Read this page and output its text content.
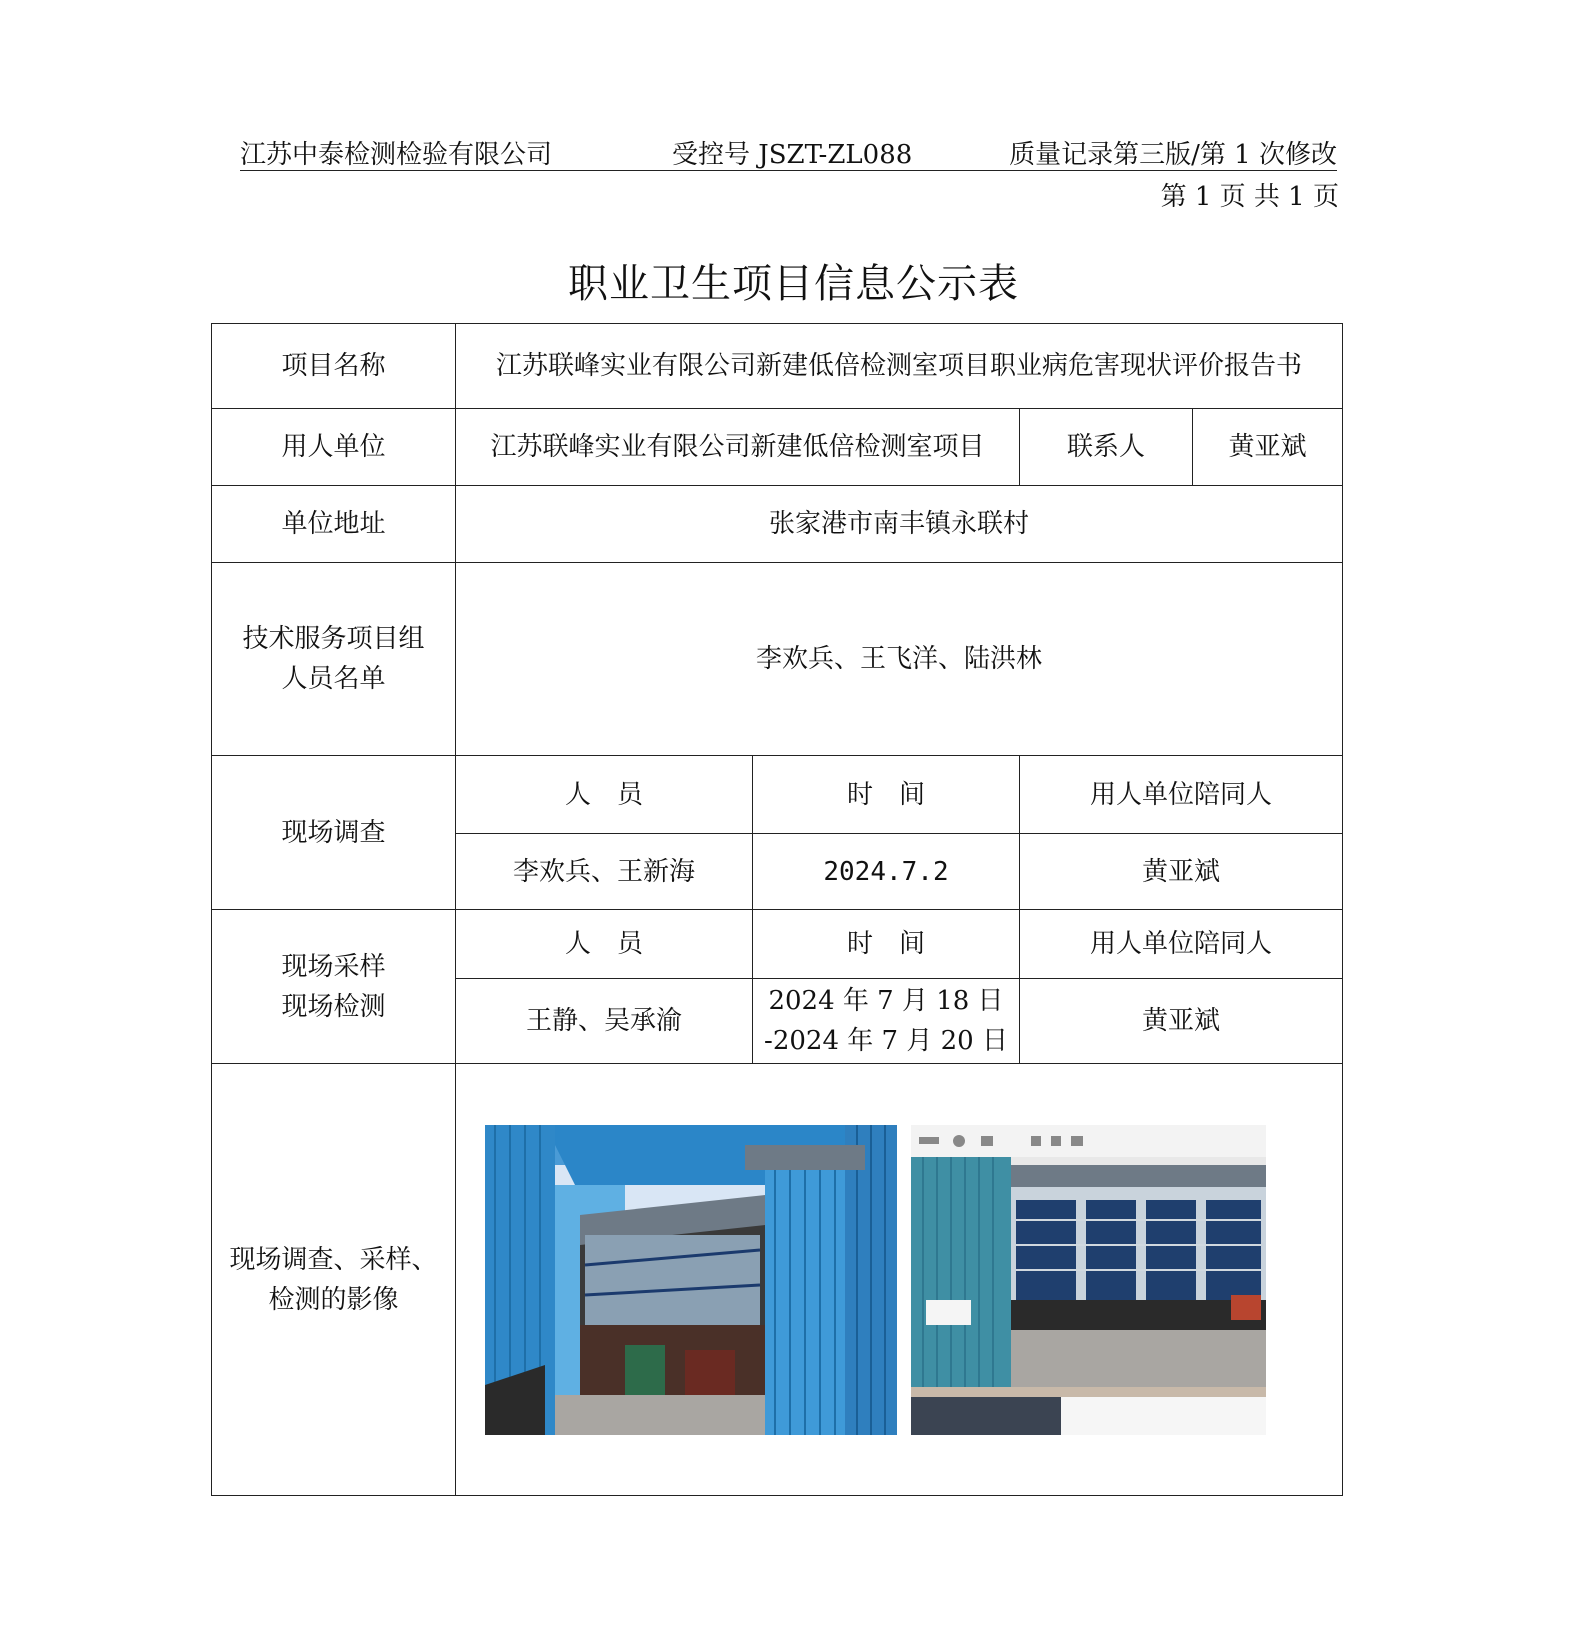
江苏中泰检测检验有限公司	受控号 JSZT-ZL088	质量记录第三版/第 1 次修改
第 1 页 共 1 页
职业卫生项目信息公示表
项目名称	江苏联峰实业有限公司新建低倍检测室项目职业病危害现状评价报告书			
用人单位	江苏联峰实业有限公司新建低倍检测室项目		联系人	黄亚斌
单位地址	张家港市南丰镇永联村			
技术服务项目组人员名单	李欢兵、王飞洋、陆洪林			
现场调查	人　员	时　间	用人单位陪同人	
	李欢兵、王新海	2024.7.2	黄亚斌	

现场采样
现场检测	人　员	时　间	用人单位陪同人	
	王静、吴承渝	2024 年 7 月 18 日
-2024 年 7 月 20 日	黄亚斌	
现场调查、采样、检测的影像	
